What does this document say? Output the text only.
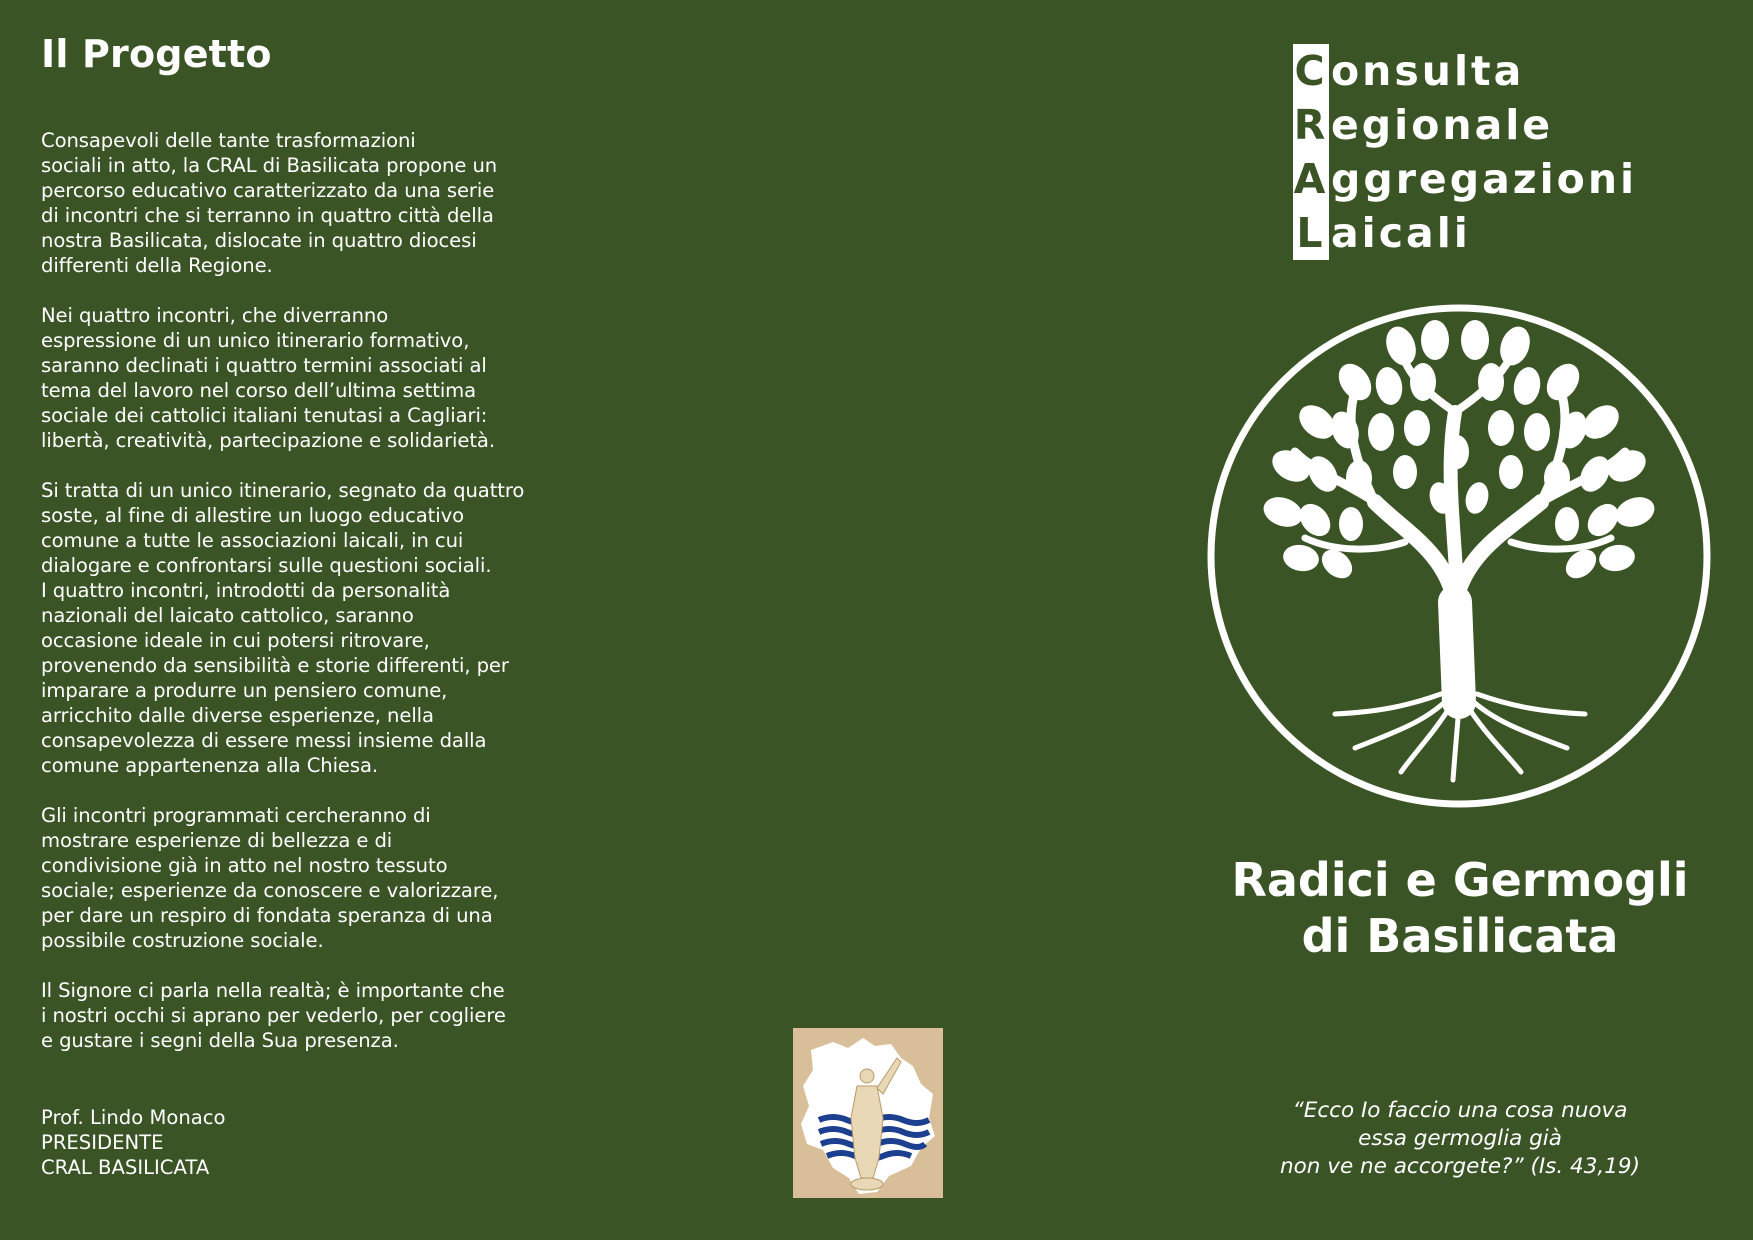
Il Progetto

Consapevoli delle tante trasformazioni
sociali in atto, la CRAL di Basilicata propone un
percorso educativo caratterizzato da una serie
di incontri che si terranno in quattro città della
nostra Basilicata, dislocate in quattro diocesi
differenti della Regione.

Nei quattro incontri, che diverranno
espressione di un unico itinerario formativo,
saranno declinati i quattro termini associati al
tema del lavoro nel corso dell’ultima settima
sociale dei cattolici italiani tenutasi a Cagliari:
libertà, creatività, partecipazione e solidarietà.

Si tratta di un unico itinerario, segnato da quattro
soste, al fine di allestire un luogo educativo
comune a tutte le associazioni laicali, in cui
dialogare e confrontarsi sulle questioni sociali.
I quattro incontri, introdotti da personalità
nazionali del laicato cattolico, saranno
occasione ideale in cui potersi ritrovare,
provenendo da sensibilità e storie differenti, per
imparare a produrre un pensiero comune,
arricchito dalle diverse esperienze, nella
consapevolezza di essere messi insieme dalla
comune appartenenza alla Chiesa.

Gli incontri programmati cercheranno di
mostrare esperienze di bellezza e di
condivisione già in atto nel nostro tessuto
sociale; esperienze da conoscere e valorizzare,
per dare un respiro di fondata speranza di una
possibile costruzione sociale.

Il Signore ci parla nella realtà; è importante che
i nostri occhi si aprano per vederlo, per cogliere
e gustare i segni della Sua presenza.

Prof. Lindo Monaco
PRESIDENTE
CRAL BASILICATA
C onsulta
R egionale
A ggregazioni
L aicali
Radici e Germogli
di Basilicata
“Ecco Io faccio una cosa nuova
essa germoglia già
non ve ne accorgete?” (Is. 43,19)
